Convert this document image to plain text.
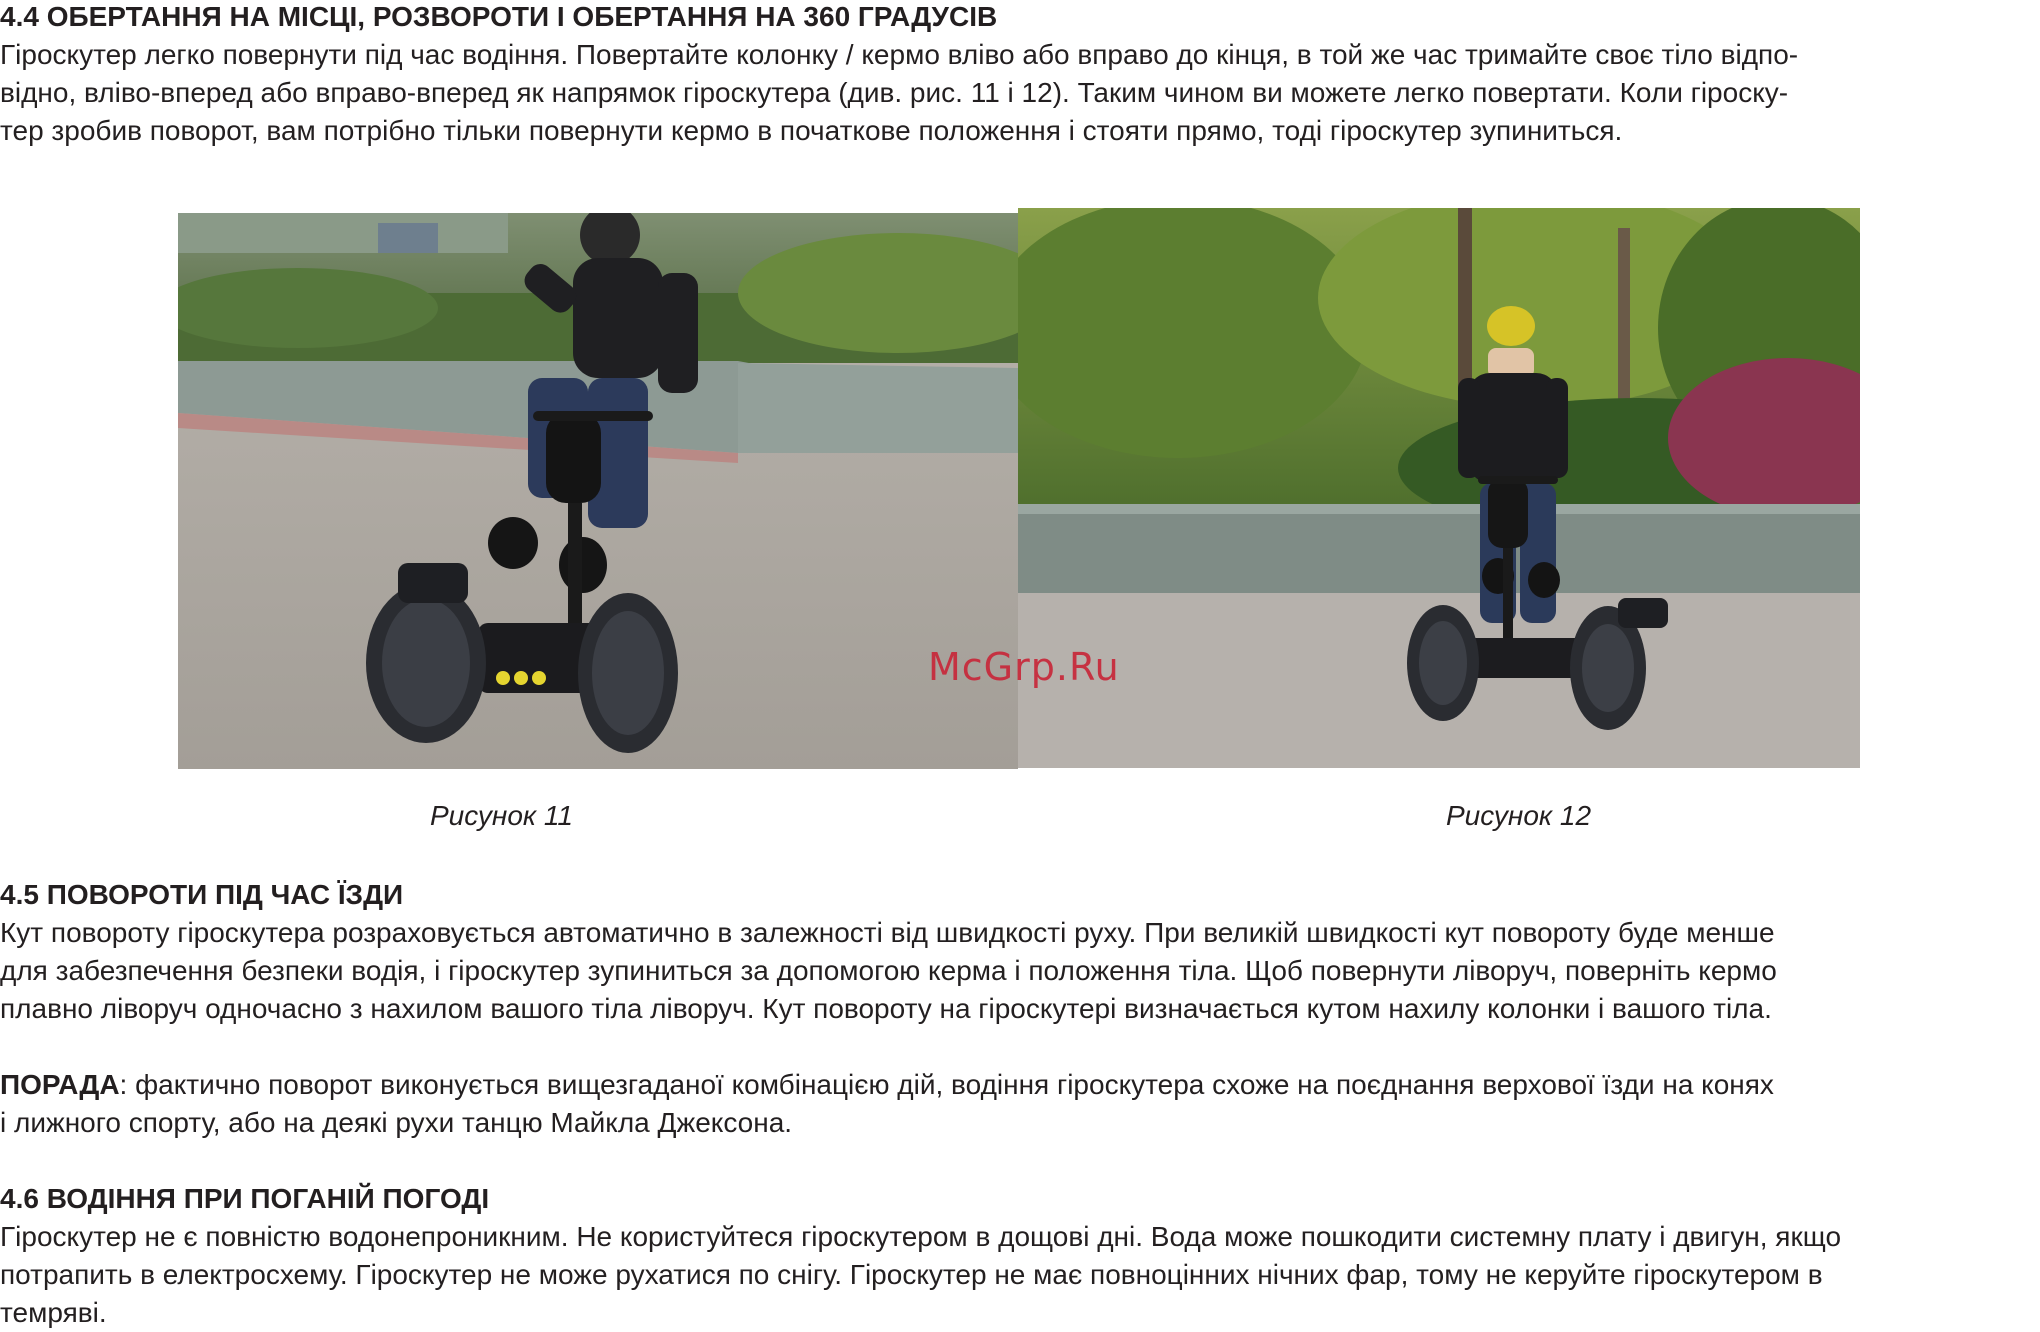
4.4 ОБЕРТАННЯ НА МІСЦІ, РОЗВОРОТИ І ОБЕРТАННЯ НА 360 ГРАДУСІВ
Гіроскутер легко повернути під час водіння. Повертайте колонку / кермо вліво або вправо до кінця, в той же час тримайте своє тіло відпо-
відно, вліво-вперед або вправо-вперед як напрямок гіроскутера (див. рис. 11 і 12). Таким чином ви можете легко повертати. Коли гіроску-
тер зробив поворот, вам потрібно тільки повернути кермо в початкове положення і стояти прямо, тоді гіроскутер зупиниться.
Рисунок 11	Рисунок 12
McGrp.Ru
4.5 ПОВОРОТИ ПІД ЧАС ЇЗДИ
Кут повороту гіроскутера розраховується автоматично в залежності від швидкості руху. При великій швидкості кут повороту буде менше
для забезпечення безпеки водія, і гіроскутер зупиниться за допомогою керма і положення тіла. Щоб повернути ліворуч, поверніть кермо
плавно ліворуч одночасно з нахилом вашого тіла ліворуч. Кут повороту на гіроскутері визначається кутом нахилу колонки і вашого тіла.
ПОРАДА: фактично поворот виконується вищезгаданої комбінацією дій, водіння гіроскутера схоже на поєднання верхової їзди на конях
і лижного спорту, або на деякі рухи танцю Майкла Джексона.
4.6 ВОДІННЯ ПРИ ПОГАНІЙ ПОГОДІ
Гіроскутер не є повністю водонепроникним. Не користуйтеся гіроскутером в дощові дні. Вода може пошкодити системну плату і двигун, якщо
потрапить в електросхему. Гіроскутер не може рухатися по снігу. Гіроскутер не має повноцінних нічних фар, тому не керуйте гіроскутером в
темряві.
